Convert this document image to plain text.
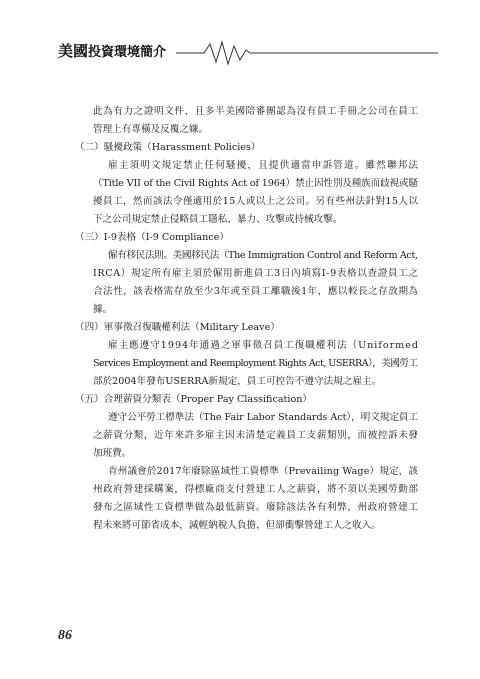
美國投資環境簡介
此為有力之證明文件，且多半美國陪審團認為沒有員工手冊之公司在員工
管理上有專橫及反覆之嫌。
（二）騷擾政策（Harassment Policies）
雇主須明文規定禁止任何騷擾，且提供適當申訴管道。雖然聯邦法
（Title VII of the Civil Rights Act of 1964）禁止因性別及種族而歧視或騷
擾員工，然而該法令僅適用於15人或以上之公司。另有些州法針對15人以
下之公司規定禁止侵略員工隱私、暴力、攻擊或持械攻擊。
（三）I-9表格（I-9 Compliance）
僱有移民法則。美國移民法（The Immigration Control and Reform Act,
IRCA）規定所有雇主須於僱用新進員工3日內填寫I-9表格以查證員工之
合法性，該表格需存放至少3年或至員工離職後1年，應以較長之存放期為
據。
（四）軍事徵召復職權利法（Military Leave）
雇主應遵守1994年通過之軍事徵召員工復職權利法（Uniformed
Services Employment and Reemployment Rights Act, USERRA），美國勞工
部於2004年發布USERRA新規定，員工可控告不遵守法規之雇主。
（五）合理薪資分類表（Proper Pay Classification）
遵守公平勞工標準法（The Fair Labor Standards Act），明文規定員工
之薪資分類，近年來許多雇主因未清楚定義員工支薪類別，而被控訴未發
加班費。
肯州議會於2017年廢除區域性工資標準（Prevailing Wage）規定，該
州政府營建採購案，得標廠商支付營建工人之薪資，將不須以美國勞動部
發布之區域性工資標準做為最低薪資。廢除該法各有利弊，州政府營建工
程未來將可節省成本，減輕納稅人負擔，但卻衝擊營建工人之收入。
86
